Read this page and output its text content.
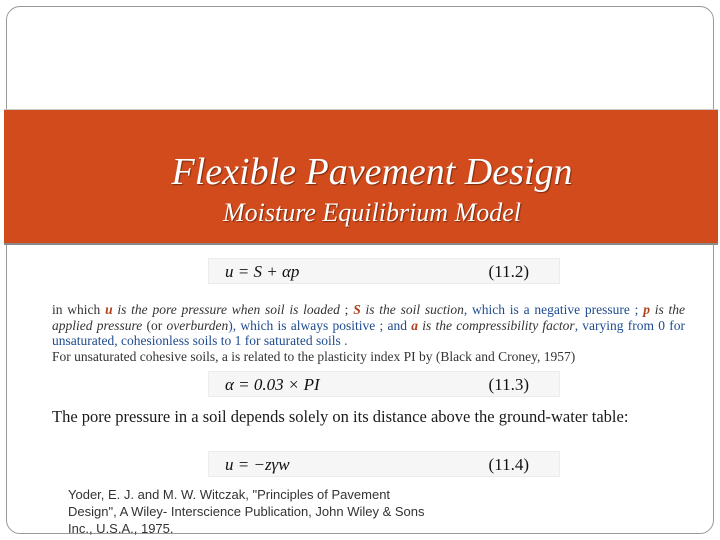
Flexible Pavement Design
Moisture Equilibrium Model
u = S + αp	(11.2)

in which u is the pore pressure when soil is loaded ; S is the soil suction, which is a negative pressure ; p is the applied pressure (or overburden), which is always positive ; and a is the compressibility factor, varying from 0 for unsaturated, cohesionless soils to 1 for saturated soils .

For unsaturated cohesive soils, a is related to the plasticity index PI by (Black and Croney, 1957)

α = 0.03 × PI	(11.3)
The pore pressure in a soil depends solely on its distance above the ground-water table:
u = −zγw	(11.4)
Yoder, E. J. and M. W. Witczak, "Principles of Pavement Design", A Wiley- Interscience Publication, John Wiley & Sons Inc., U.S.A., 1975.
